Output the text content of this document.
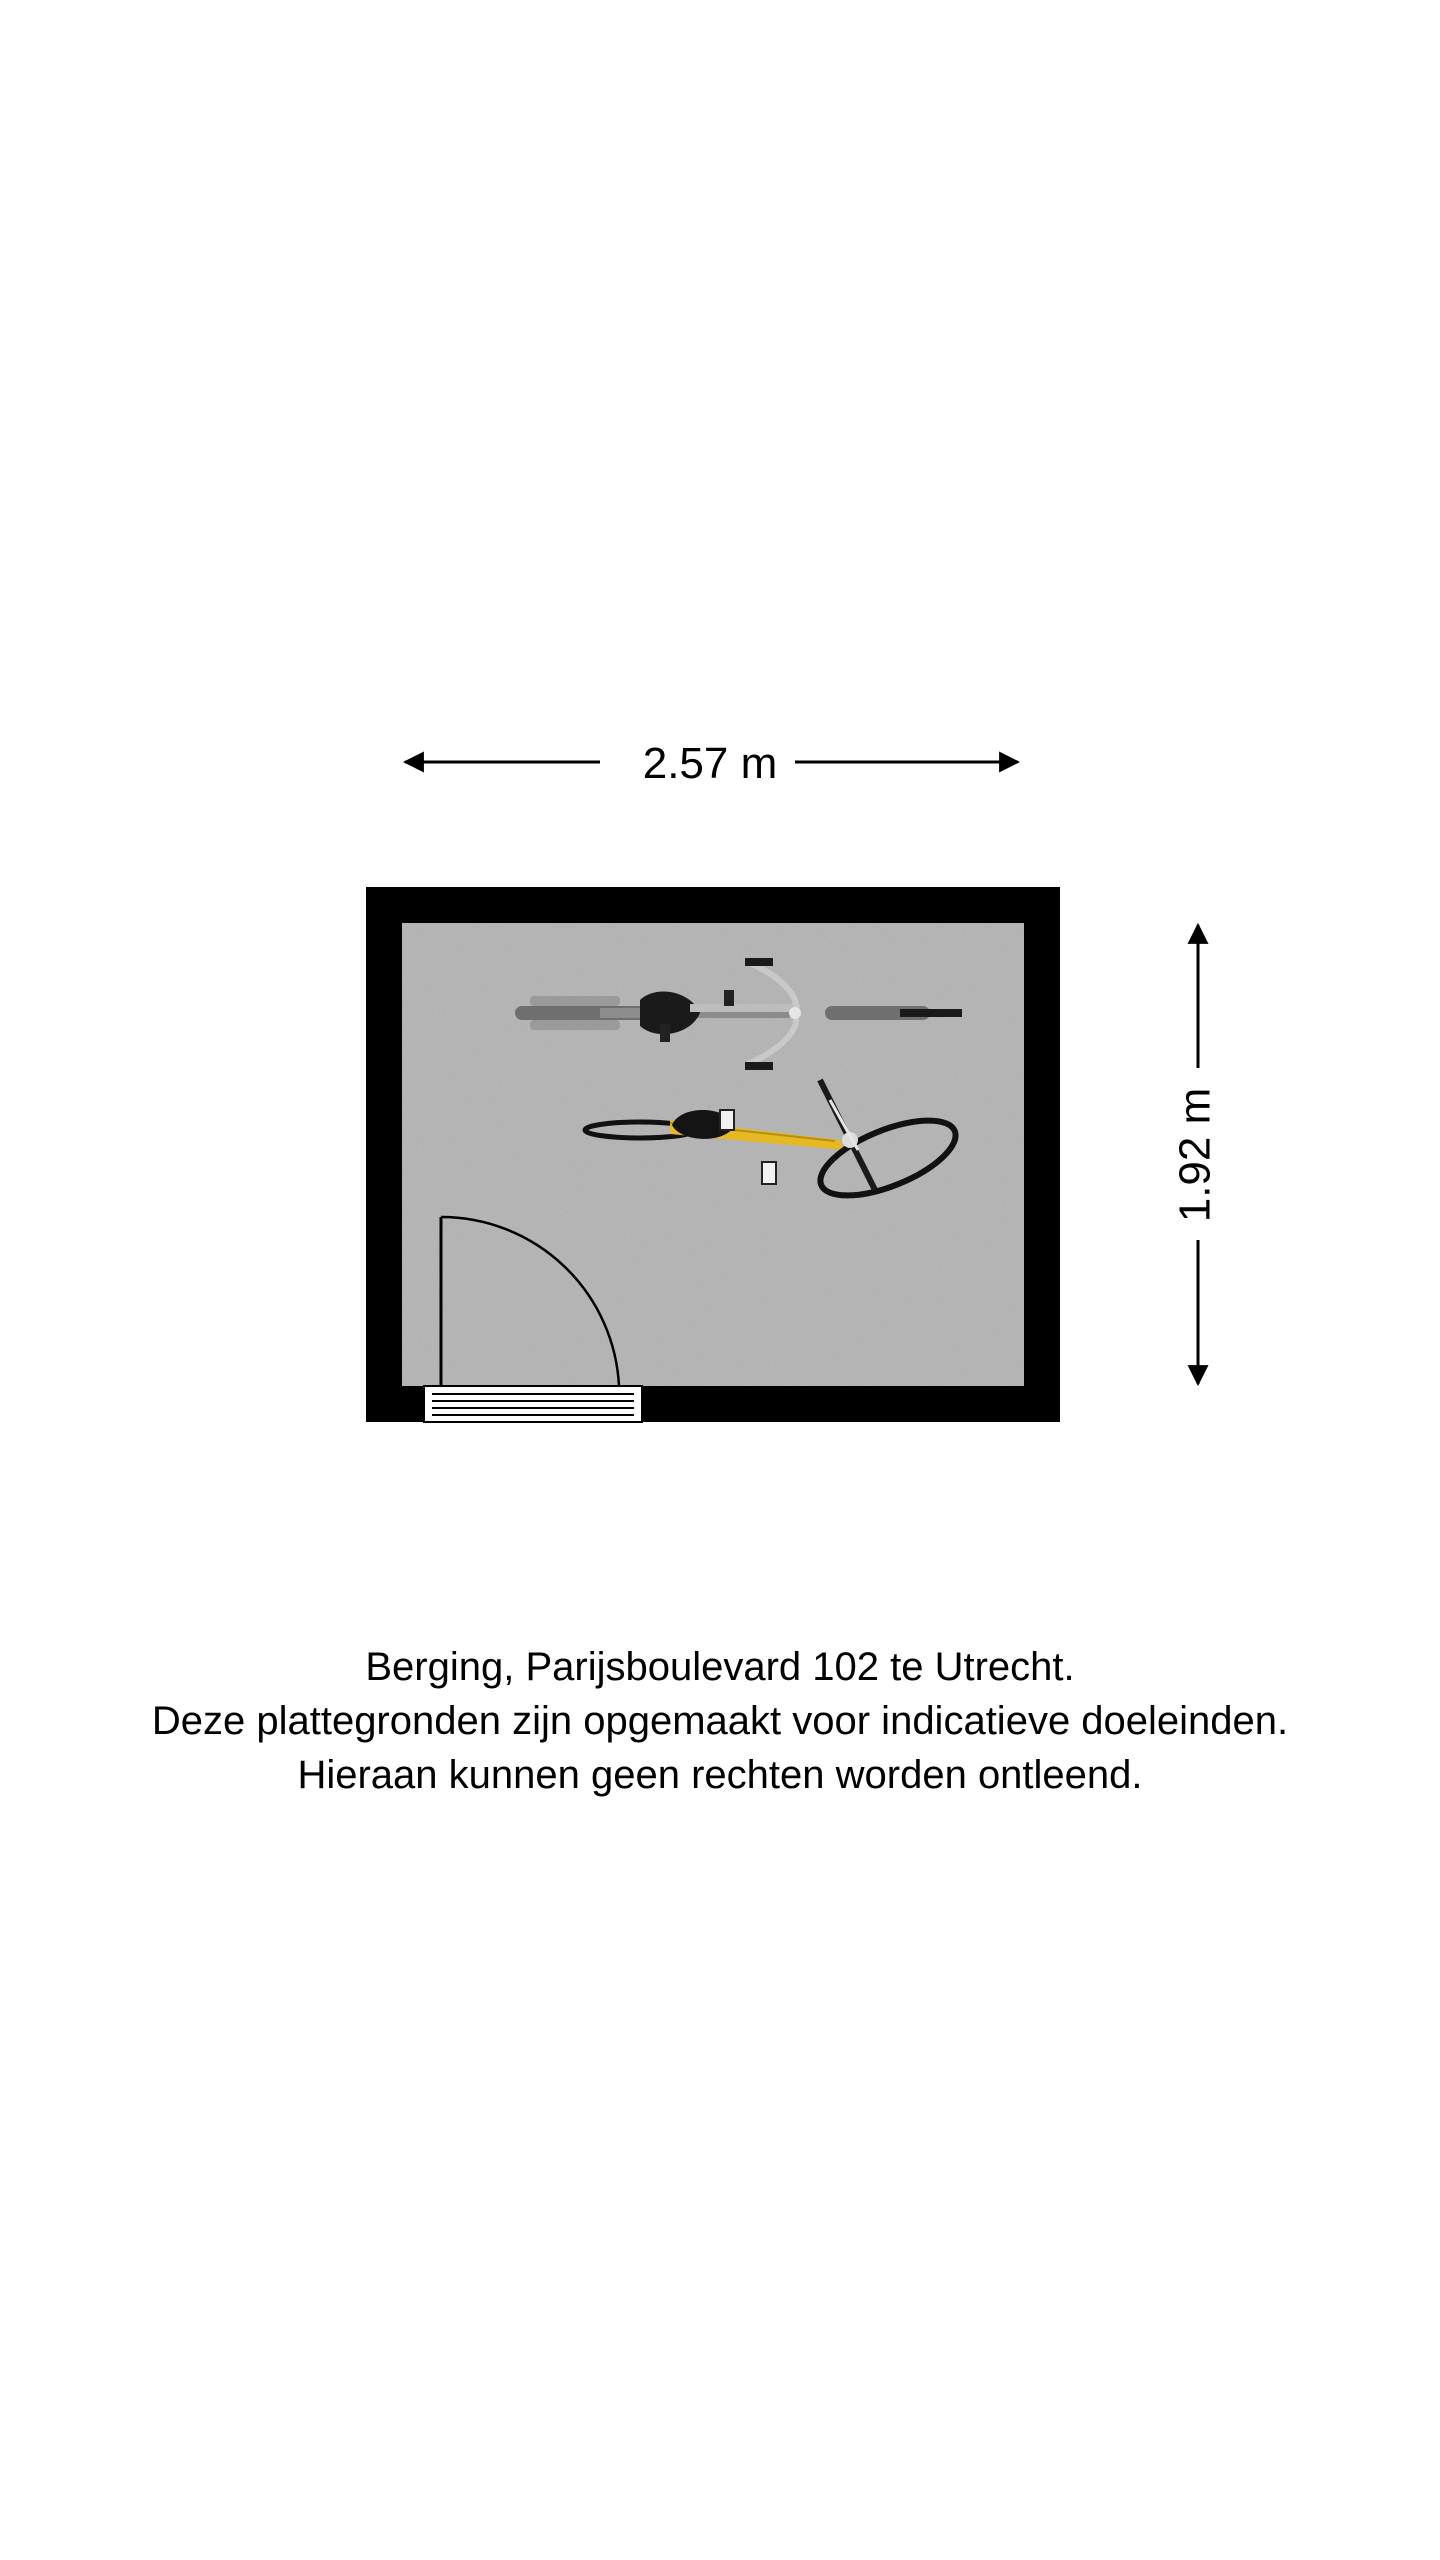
2.57 m
1.92 m
Berging, Parijsboulevard 102 te Utrecht.
Deze plattegronden zijn opgemaakt voor indicatieve doeleinden.
Hieraan kunnen geen rechten worden ontleend.
